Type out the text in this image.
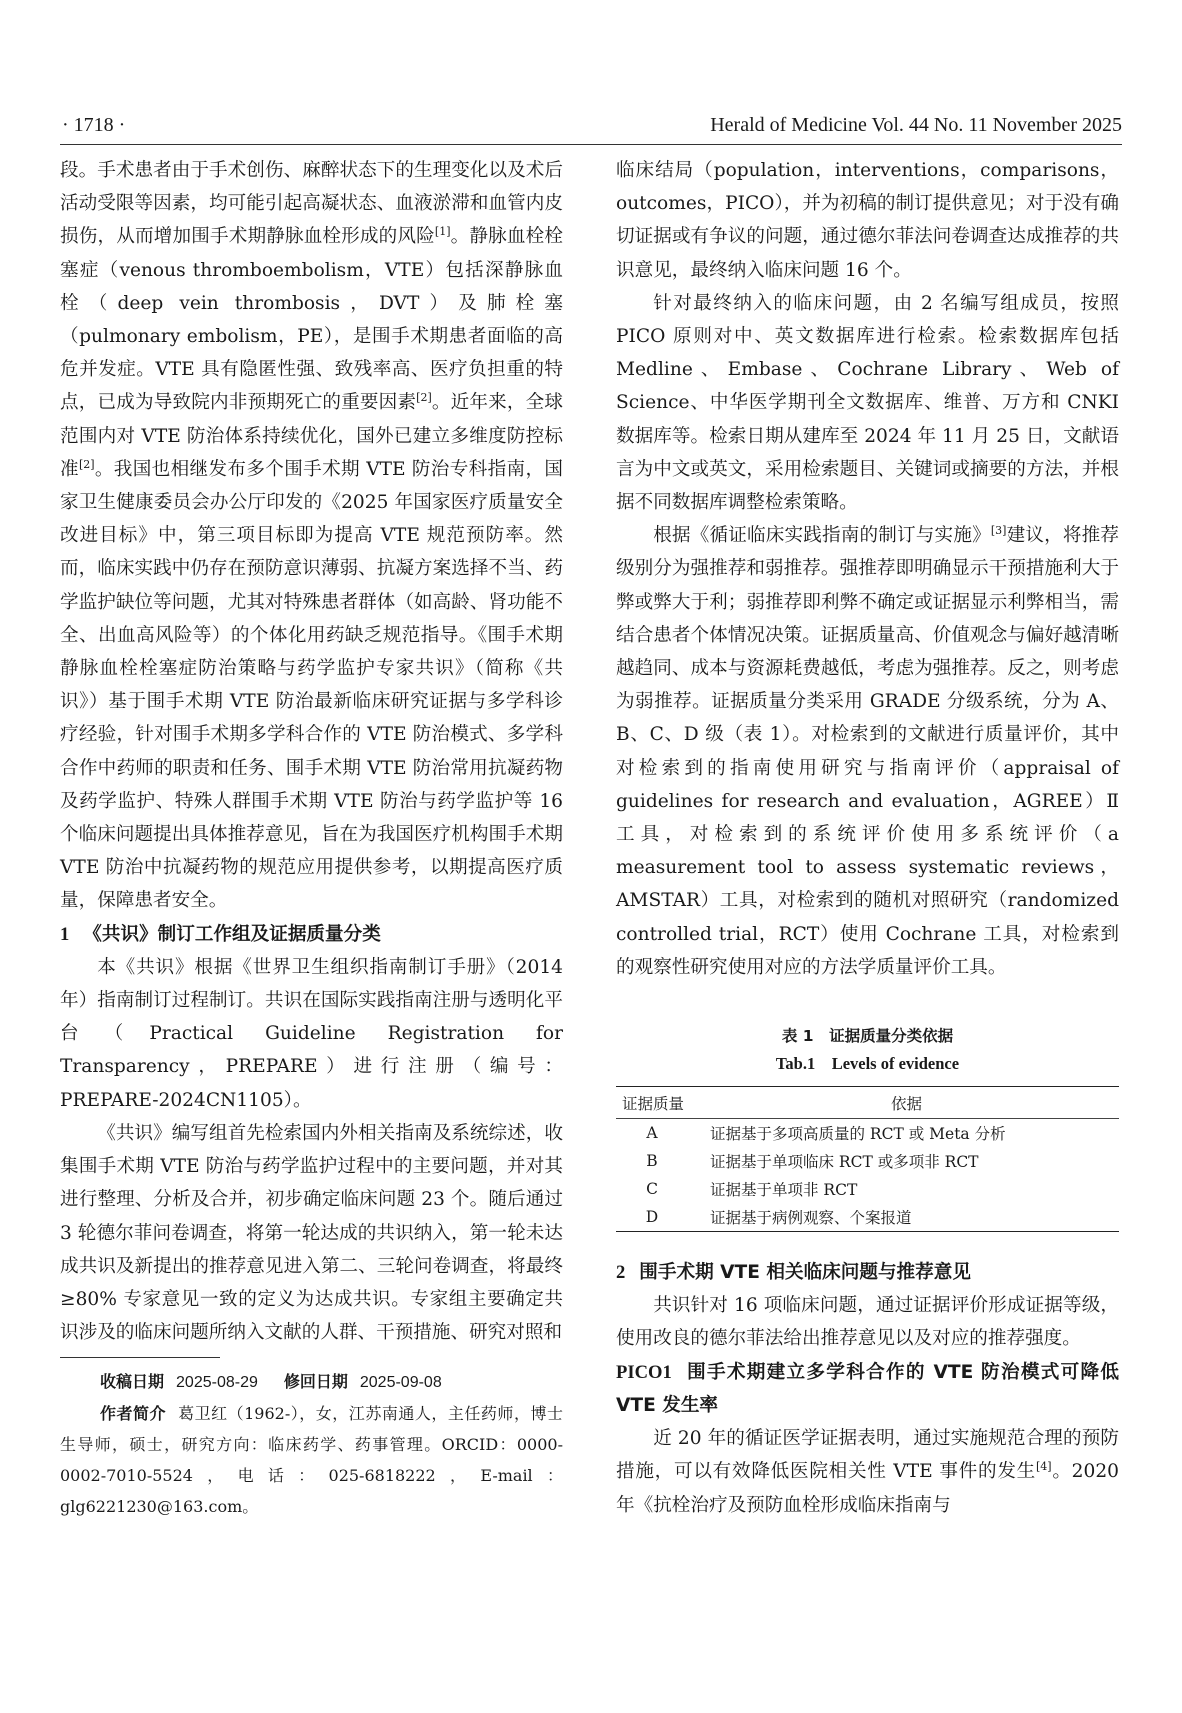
· 1718 ·	Herald of Medicine Vol. 44 No. 11 November 2025

段。手术患者由于手术创伤、麻醉状态下的生理变化以及术后活动受限等因素，均可能引起高凝状态、血液淤滞和血管内皮损伤，从而增加围手术期静脉血栓形成的风险[1]。静脉血栓栓塞症（venous thromboembolism，VTE）包括深静脉血栓（deep vein thrombosis，DVT）及肺栓塞（pulmonary embolism，PE），是围手术期患者面临的高危并发症。VTE 具有隐匿性强、致残率高、医疗负担重的特点，已成为导致院内非预期死亡的重要因素[2]。近年来，全球范围内对 VTE 防治体系持续优化，国外已建立多维度防控标准[2]。我国也相继发布多个围手术期 VTE 防治专科指南，国家卫生健康委员会办公厅印发的《2025 年国家医疗质量安全改进目标》中，第三项目标即为提高 VTE 规范预防率。然而，临床实践中仍存在预防意识薄弱、抗凝方案选择不当、药学监护缺位等问题，尤其对特殊患者群体（如高龄、肾功能不全、出血高风险等）的个体化用药缺乏规范指导。《围手术期静脉血栓栓塞症防治策略与药学监护专家共识》（简称《共识》）基于围手术期 VTE 防治最新临床研究证据与多学科诊疗经验，针对围手术期多学科合作的 VTE 防治模式、多学科合作中药师的职责和任务、围手术期 VTE 防治常用抗凝药物及药学监护、特殊人群围手术期 VTE 防治与药学监护等 16 个临床问题提出具体推荐意见，旨在为我国医疗机构围手术期 VTE 防治中抗凝药物的规范应用提供参考，以期提高医疗质量，保障患者安全。

1 《共识》制订工作组及证据质量分类

本《共识》根据《世界卫生组织指南制订手册》（2014 年）指南制订过程制订。共识在国际实践指南注册与透明化平台（Practical Guideline Registration for Transparency，PREPARE）进行注册（编号：PREPARE-2024CN1105）。

《共识》编写组首先检索国内外相关指南及系统综述，收集围手术期 VTE 防治与药学监护过程中的主要问题，并对其进行整理、分析及合并，初步确定临床问题 23 个。随后通过 3 轮德尔菲问卷调查，将第一轮达成的共识纳入，第一轮未达成共识及新提出的推荐意见进入第二、三轮问卷调查，将最终≥80% 专家意见一致的定义为达成共识。专家组主要确定共识涉及的临床问题所纳入文献的人群、干预措施、研究对照和

收稿日期 2025-08-29 修回日期 2025-09-08

作者简介 葛卫红（1962-），女，江苏南通人，主任药师，博士生导师，硕士，研究方向：临床药学、药事管理。ORCID：0000-0002-7010-5524，电话：025-6818222，E-mail：glg6221230@163.com。

临床结局（population，interventions，comparisons，outcomes，PICO），并为初稿的制订提供意见；对于没有确切证据或有争议的问题，通过德尔菲法问卷调查达成推荐的共识意见，最终纳入临床问题 16 个。

针对最终纳入的临床问题，由 2 名编写组成员，按照 PICO 原则对中、英文数据库进行检索。检索数据库包括 Medline、Embase、Cochrane Library、Web of Science、中华医学期刊全文数据库、维普、万方和 CNKI 数据库等。检索日期从建库至 2024 年 11 月 25 日，文献语言为中文或英文，采用检索题目、关键词或摘要的方法，并根据不同数据库调整检索策略。

根据《循证临床实践指南的制订与实施》[3]建议，将推荐级别分为强推荐和弱推荐。强推荐即明确显示干预措施利大于弊或弊大于利；弱推荐即利弊不确定或证据显示利弊相当，需结合患者个体情况决策。证据质量高、价值观念与偏好越清晰越趋同、成本与资源耗费越低，考虑为强推荐。反之，则考虑为弱推荐。证据质量分类采用 GRADE 分级系统，分为 A、B、C、D 级（表 1）。对检索到的文献进行质量评价，其中对检索到的指南使用研究与指南评价（appraisal of guidelines for research and evaluation，AGREE）Ⅱ 工具，对检索到的系统评价使用多系统评价（a measurement tool to assess systematic reviews，AMSTAR）工具，对检索到的随机对照研究（randomized controlled trial，RCT）使用 Cochrane 工具，对检索到的观察性研究使用对应的方法学质量评价工具。

表 1　证据质量分类依据
Tab.1　Levels of evidence
证据质量	依据
A	证据基于多项高质量的 RCT 或 Meta 分析
B	证据基于单项临床 RCT 或多项非 RCT
C	证据基于单项非 RCT
D	证据基于病例观察、个案报道

2 围手术期 VTE 相关临床问题与推荐意见

共识针对 16 项临床问题，通过证据评价形成证据等级，使用改良的德尔菲法给出推荐意见以及对应的推荐强度。

PICO1 围手术期建立多学科合作的 VTE 防治模式可降低 VTE 发生率

近 20 年的循证医学证据表明，通过实施规范合理的预防措施，可以有效降低医院相关性 VTE 事件的发生[4]。2020 年《抗栓治疗及预防血栓形成临床指南与
